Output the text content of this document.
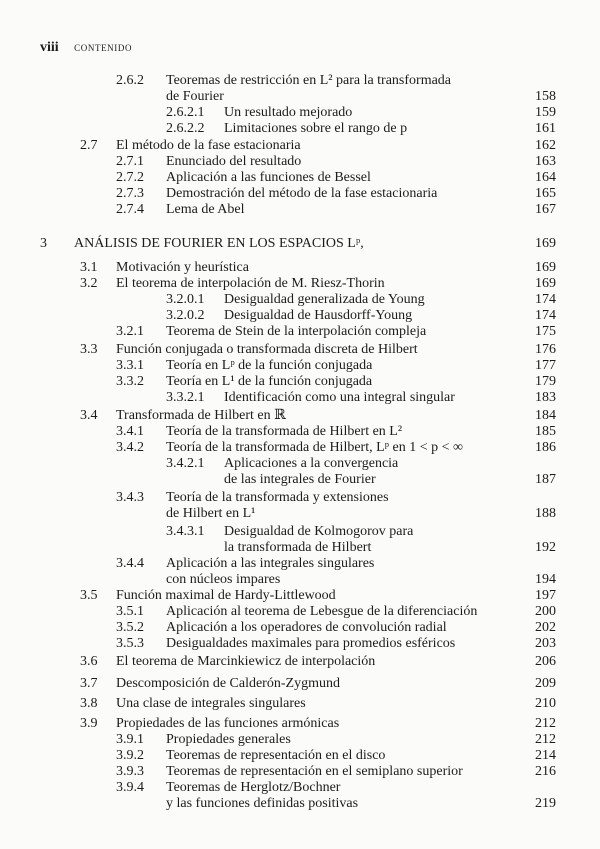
viii CONTENIDO
2.6.2 Teoremas de restricción en L² para la transformada
de Fourier	158
2.6.2.1 Un resultado mejorado	159
2.6.2.2 Limitaciones sobre el rango de p	161
2.7 El método de la fase estacionaria	162
2.7.1 Enunciado del resultado	163
2.7.2 Aplicación a las funciones de Bessel	164
2.7.3 Demostración del método de la fase estacionaria	165
2.7.4 Lema de Abel	167
3 ANÁLISIS DE FOURIER EN LOS ESPACIOS Lᵖ,	169
3.1 Motivación y heurística	169
3.2 El teorema de interpolación de M. Riesz-Thorin	169
3.2.0.1 Desigualdad generalizada de Young	174
3.2.0.2 Desigualdad de Hausdorff-Young	174
3.2.1 Teorema de Stein de la interpolación compleja	175
3.3 Función conjugada o transformada discreta de Hilbert	176
3.3.1 Teoría en Lᵖ de la función conjugada	177
3.3.2 Teoría en L¹ de la función conjugada	179
3.3.2.1 Identificación como una integral singular	183
3.4 Transformada de Hilbert en ℝ	184
3.4.1 Teoría de la transformada de Hilbert en L²	185
3.4.2 Teoría de la transformada de Hilbert, Lᵖ en 1 < p < ∞	186
3.4.2.1 Aplicaciones a la convergencia
de las integrales de Fourier	187
3.4.3 Teoría de la transformada y extensiones
de Hilbert en L¹	188
3.4.3.1 Desigualdad de Kolmogorov para
la transformada de Hilbert	192
3.4.4 Aplicación a las integrales singulares
con núcleos impares	194
3.5 Función maximal de Hardy-Littlewood	197
3.5.1 Aplicación al teorema de Lebesgue de la diferenciación	200
3.5.2 Aplicación a los operadores de convolución radial	202
3.5.3 Desigualdades maximales para promedios esféricos	203
3.6 El teorema de Marcinkiewicz de interpolación	206
3.7 Descomposición de Calderón-Zygmund	209
3.8 Una clase de integrales singulares	210
3.9 Propiedades de las funciones armónicas	212
3.9.1 Propiedades generales	212
3.9.2 Teoremas de representación en el disco	214
3.9.3 Teoremas de representación en el semiplano superior	216
3.9.4 Teoremas de Herglotz/Bochner
y las funciones definidas positivas	219
